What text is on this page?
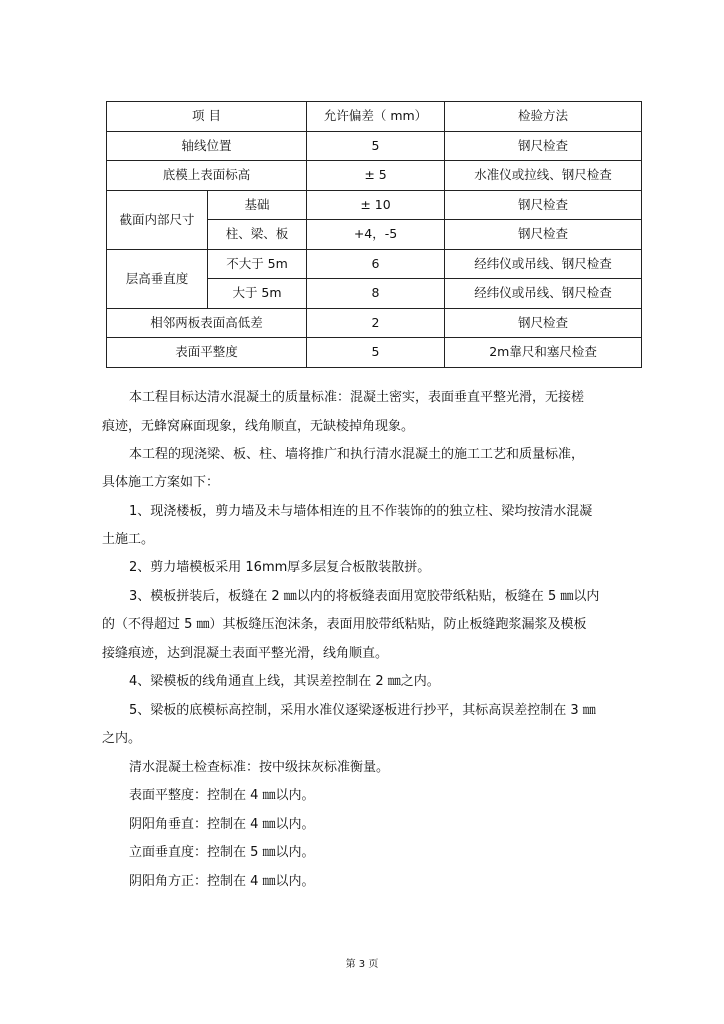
项 目		允许偏差（ mm）	检验方法
轴线位置		5	钢尺检查
底模上表面标高		± 5	水准仪或拉线、钢尺检查
截面内部尺寸	基础	± 10	钢尺检查
	柱、梁、板	+4，-5	钢尺检查
层高垂直度	不大于 5m	6	经纬仪或吊线、钢尺检查
	大于 5m	8	经纬仪或吊线、钢尺检查
相邻两板表面高低差		2	钢尺检查
表面平整度		5	2m靠尺和塞尺检查
本工程目标达清水混凝土的质量标准：混凝土密实，表面垂直平整光滑，无接槎
痕迹，无蜂窝麻面现象，线角顺直，无缺棱掉角现象。
本工程的现浇梁、板、柱、墙将推广和执行清水混凝土的施工工艺和质量标准，
具体施工方案如下：
1、现浇楼板，剪力墙及未与墙体相连的且不作装饰的的独立柱、梁均按清水混凝
土施工。
2、剪力墙模板采用 16mm厚多层复合板散装散拼。
3、模板拼装后，板缝在 2 ㎜以内的将板缝表面用宽胶带纸粘贴，板缝在 5 ㎜以内
的（不得超过 5 ㎜）其板缝压泡沫条，表面用胶带纸粘贴，防止板缝跑浆漏浆及模板
接缝痕迹，达到混凝土表面平整光滑，线角顺直。
4、梁模板的线角通直上线，其误差控制在 2 ㎜之内。
5、梁板的底模标高控制，采用水准仪逐梁逐板进行抄平，其标高误差控制在 3 ㎜
之内。
清水混凝土检查标准：按中级抹灰标准衡量。
表面平整度：控制在 4 ㎜以内。
阴阳角垂直：控制在 4 ㎜以内。
立面垂直度：控制在 5 ㎜以内。
阴阳角方正：控制在 4 ㎜以内。
第 3 页
